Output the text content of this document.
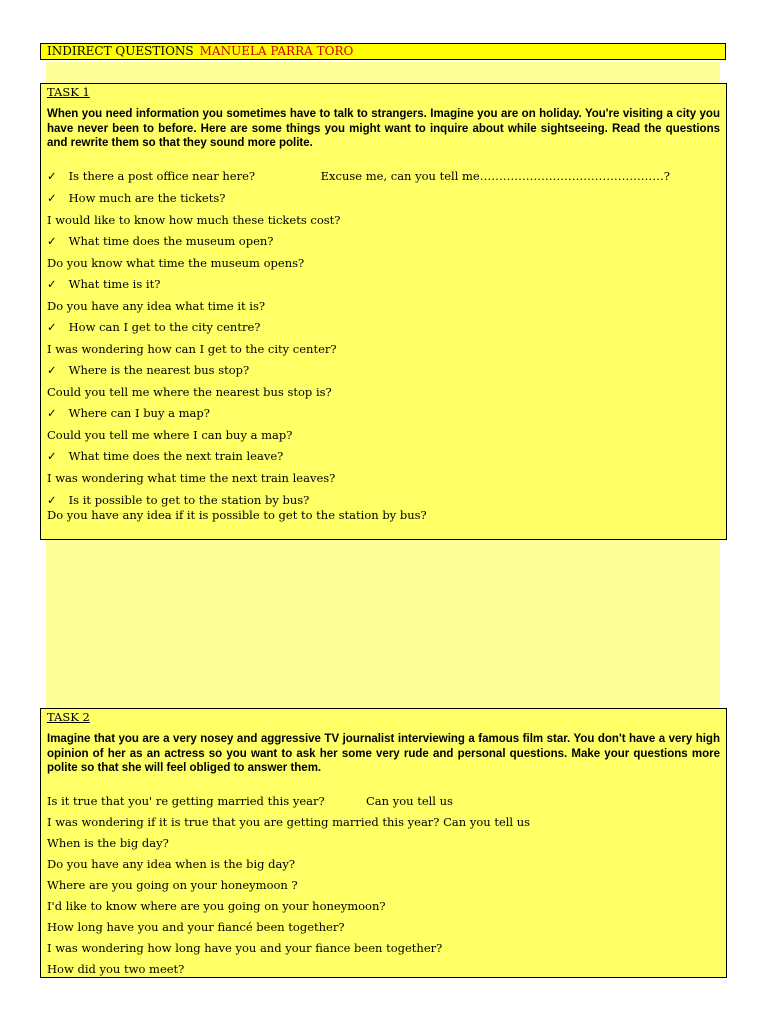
INDIRECT QUESTIONS MANUELA PARRA TORO
TASK 1
When you need information you sometimes have to talk to strangers. Imagine you are on holiday. You're visiting a city you have never been to before. Here are some things you might want to inquire about while sightseeing. Read the questions and rewrite them so that they sound more polite.
✓ Is there a post office near here?	Excuse me, can you tell me…………………………………………?
✓ How much are the tickets?
I would like to know how much these tickets cost?
✓ What time does the museum open?
Do you know what time the museum opens?
✓ What time is it?
Do you have any idea what time it is?
✓ How can I get to the city centre?
I was wondering how can I get to the city center?
✓ Where is the nearest bus stop?
Could you tell me where the nearest bus stop is?
✓ Where can I buy a map?
Could you tell me where I can buy a map?
✓ What time does the next train leave?
I was wondering what time the next train leaves?
✓ Is it possible to get to the station by bus?
Do you have any idea if it is possible to get to the station by bus?
TASK 2
Imagine that you are a very nosey and aggressive TV journalist interviewing a famous film star. You don't have a very high opinion of her as an actress so you want to ask her some very rude and personal questions. Make your questions more polite so that she will feel obliged to answer them.
Is it true that you' re getting married this year?	Can you tell us
I was wondering if it is true that you are getting married this year? Can you tell us
When is the big day?
Do you have any idea when is the big day?
Where are you going on your honeymoon ?
I'd like to know where are you going on your honeymoon?
How long have you and your fiancé been together?
I was wondering how long have you and your fiance been together?
How did you two meet?
